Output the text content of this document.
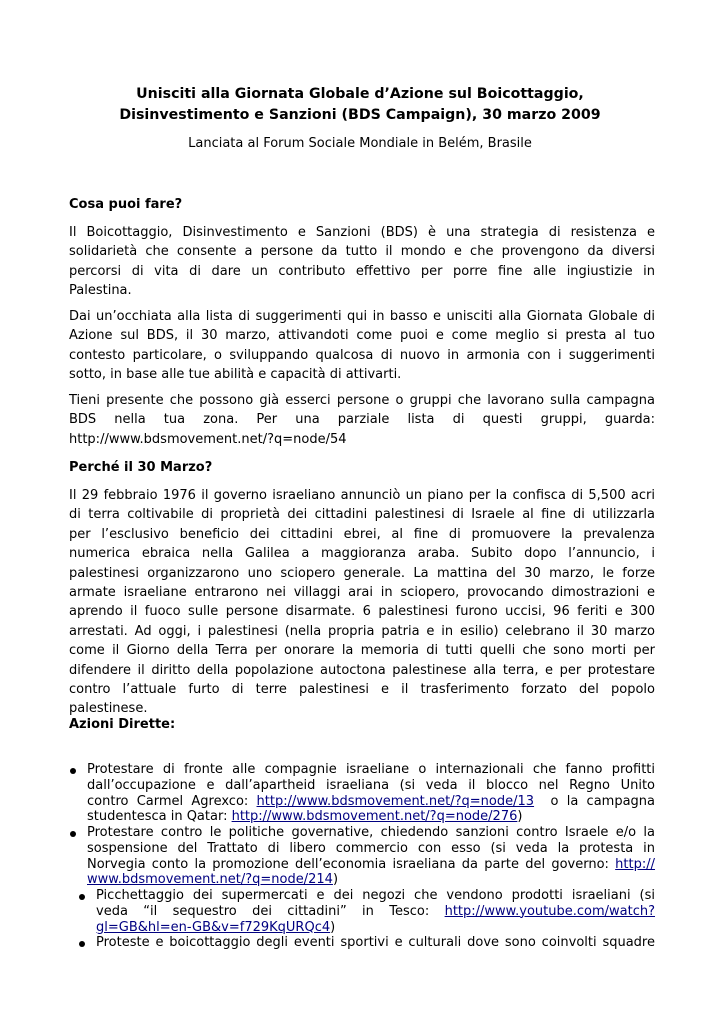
Unisciti alla Giornata Globale d’Azione sul Boicottaggio,
Disinvestimento e Sanzioni (BDS Campaign), 30 marzo 2009
Lanciata al Forum Sociale Mondiale in Belém, Brasile
Cosa puoi fare?
Il Boicottaggio, Disinvestimento e Sanzioni (BDS) è una strategia di resistenza e
solidarietà che consente a persone da tutto il mondo e che provengono da diversi
percorsi di vita di dare un contributo effettivo per porre fine alle ingiustizie in
Palestina.
Dai un’occhiata alla lista di suggerimenti qui in basso e unisciti alla Giornata Globale di
Azione sul BDS, il 30 marzo, attivandoti come puoi e come meglio si presta al tuo
contesto particolare, o sviluppando qualcosa di nuovo in armonia con i suggerimenti
sotto, in base alle tue abilità e capacità di attivarti.
Tieni presente che possono già esserci persone o gruppi che lavorano sulla campagna
BDS nella tua zona. Per una parziale lista di questi gruppi, guarda:
http://www.bdsmovement.net/?q=node/54
Perché il 30 Marzo?
Il 29 febbraio 1976 il governo israeliano annunciò un piano per la confisca di 5,500 acri
di terra coltivabile di proprietà dei cittadini palestinesi di Israele al fine di utilizzarla
per l’esclusivo beneficio dei cittadini ebrei, al fine di promuovere la prevalenza
numerica ebraica nella Galilea a maggioranza araba. Subito dopo l’annuncio, i
palestinesi organizzarono uno sciopero generale. La mattina del 30 marzo, le forze
armate israeliane entrarono nei villaggi arai in sciopero, provocando dimostrazioni e
aprendo il fuoco sulle persone disarmate. 6 palestinesi furono uccisi, 96 feriti e 300
arrestati. Ad oggi, i palestinesi (nella propria patria e in esilio) celebrano il 30 marzo
come il Giorno della Terra per onorare la memoria di tutti quelli che sono morti per
difendere il diritto della popolazione autoctona palestinese alla terra, e per protestare
contro l’attuale furto di terre palestinesi e il trasferimento forzato del popolo
palestinese.
Azioni Dirette:
Protestare di fronte alle compagnie israeliane o internazionali che fanno profitti
dall’occupazione e dall’apartheid israeliana (si veda il blocco nel Regno Unito
contro Carmel Agrexco: http://www.bdsmovement.net/?q=node/13  o la campagna
studentesca in Qatar: http://www.bdsmovement.net/?q=node/276)
Protestare contro le politiche governative, chiedendo sanzioni contro Israele e/o la
sospensione del Trattato di libero commercio con esso (si veda la protesta in
Norvegia conto la promozione dell’economia israeliana da parte del governo: http://
www.bdsmovement.net/?q=node/214)
Picchettaggio dei supermercati e dei negozi che vendono prodotti israeliani (si
veda “il sequestro dei cittadini” in Tesco: http://www.youtube.com/watch?
gl=GB&hl=en-GB&v=f729KqURQc4)
Proteste e boicottaggio degli eventi sportivi e culturali dove sono coinvolti squadre
